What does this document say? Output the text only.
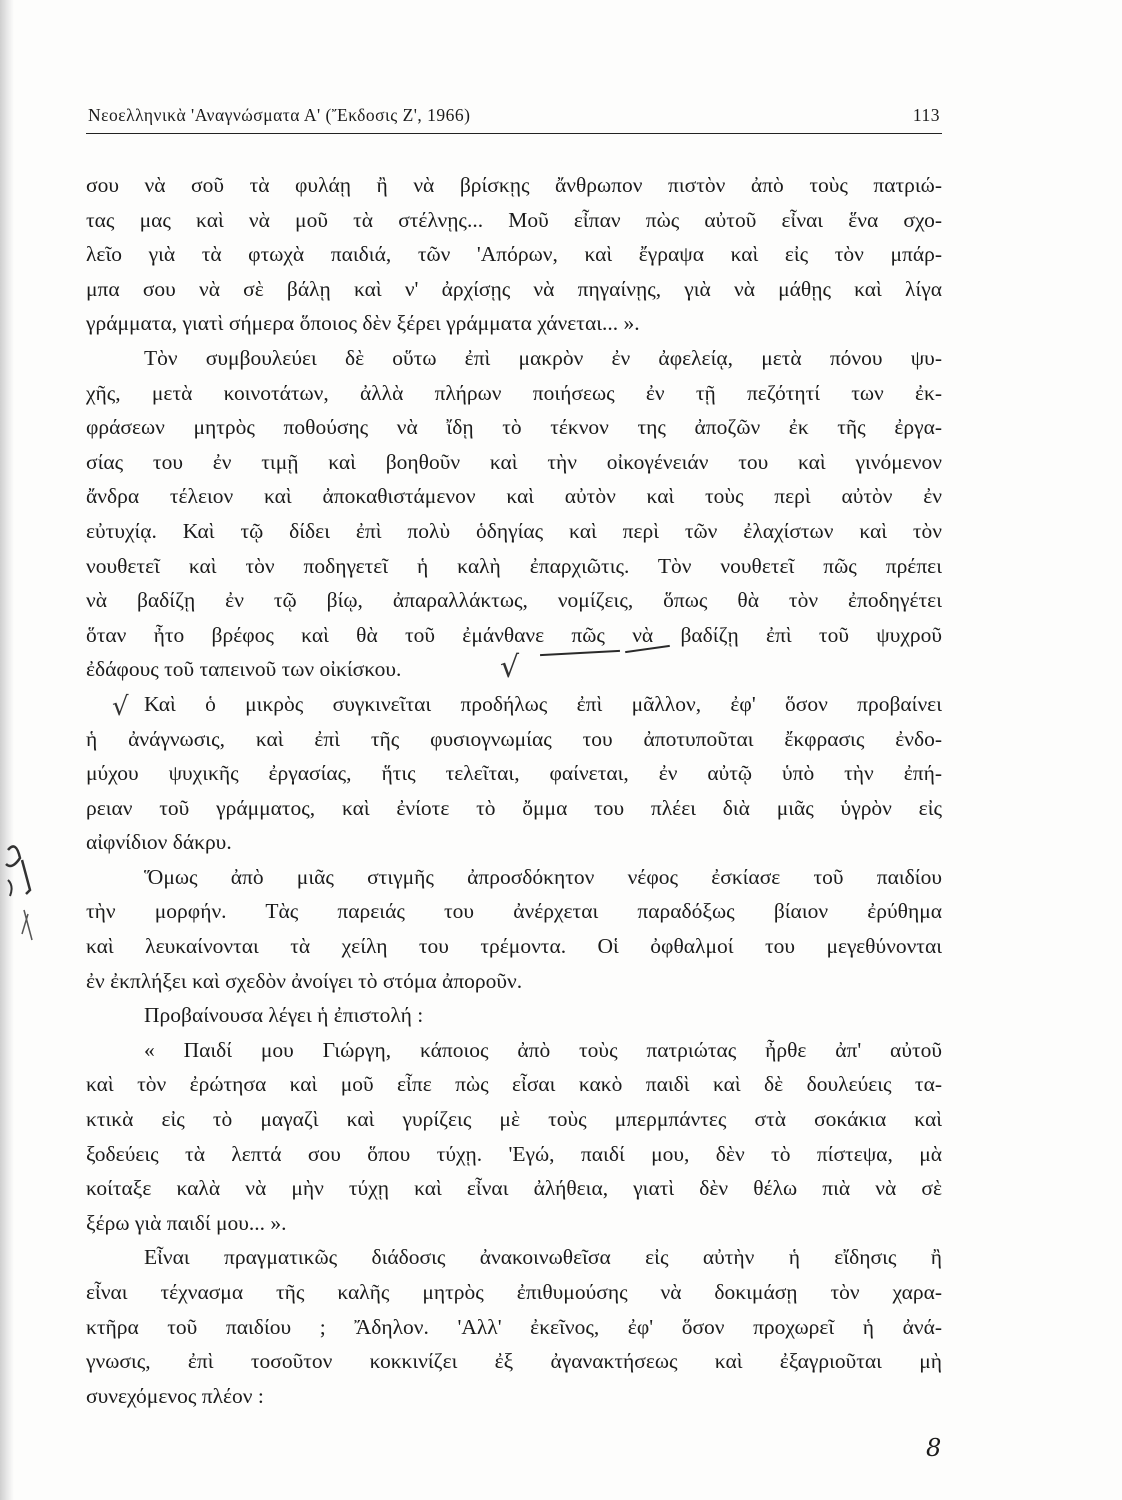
Νεοελληνικὰ 'Αναγνώσματα Α' (Ἔκδοσις Ζ', 1966)	113
σου νὰ σοῦ τὰ φυλάῃ ἢ νὰ βρίσκῃς ἄνθρωπον πιστὸν ἀπὸ τοὺς πατριώ-
τας μας καὶ νὰ μοῦ τὰ στέλνῃς... Μοῦ εἶπαν πὼς αὐτοῦ εἶναι ἕνα σχο-
λεῖο γιὰ τὰ φτωχὰ παιδιά, τῶν 'Απόρων, καὶ ἔγραψα καὶ εἰς τὸν μπάρ-
μπα σου νὰ σὲ βάλῃ καὶ ν' ἀρχίσῃς νὰ πηγαίνῃς, γιὰ νὰ μάθῃς καὶ λίγα
γράμματα, γιατὶ σήμερα ὅποιος δὲν ξέρει γράμματα χάνεται... ».
Τὸν συμβουλεύει δὲ οὕτω ἐπὶ μακρὸν ἐν ἀφελείᾳ, μετὰ πόνου ψυ-
χῆς, μετὰ κοινοτάτων, ἀλλὰ πλήρων ποιήσεως ἐν τῇ πεζότητί των ἐκ-
φράσεων μητρὸς ποθούσης νὰ ἴδῃ τὸ τέκνον της ἀποζῶν ἐκ τῆς ἐργα-
σίας του ἐν τιμῇ καὶ βοηθοῦν καὶ τὴν οἰκογένειάν του καὶ γινόμενον
ἄνδρα τέλειον καὶ ἀποκαθιστάμενον καὶ αὐτὸν καὶ τοὺς περὶ αὐτὸν ἐν
εὐτυχίᾳ. Καὶ τῷ δίδει ἐπὶ πολὺ ὁδηγίας καὶ περὶ τῶν ἐλαχίστων καὶ τὸν
νουθετεῖ καὶ τὸν ποδηγετεῖ ἡ καλὴ ἐπαρχιῶτις. Τὸν νουθετεῖ πῶς πρέπει
νὰ βαδίζῃ ἐν τῷ βίῳ, ἀπαραλλάκτως, νομίζεις, ὅπως θὰ τὸν ἐποδηγέτει
ὅταν ἦτο βρέφος καὶ θὰ τοῦ ἐμάνθανε πῶς νὰ βαδίζῃ ἐπὶ τοῦ ψυχροῦ
ἐδάφους τοῦ ταπεινοῦ των οἰκίσκου.
Καὶ ὁ μικρὸς συγκινεῖται προδήλως ἐπὶ μᾶλλον, ἐφ' ὅσον προβαίνει
ἡ ἀνάγνωσις, καὶ ἐπὶ τῆς φυσιογνωμίας του ἀποτυποῦται ἔκφρασις ἐνδο-
μύχου ψυχικῆς ἐργασίας, ἥτις τελεῖται, φαίνεται, ἐν αὐτῷ ὑπὸ τὴν ἐπή-
ρειαν τοῦ γράμματος, καὶ ἐνίοτε τὸ ὄμμα του πλέει διὰ μιᾶς ὑγρὸν εἰς
αἰφνίδιον δάκρυ.
Ὅμως ἀπὸ μιᾶς στιγμῆς ἀπροσδόκητον νέφος ἐσκίασε τοῦ παιδίου
τὴν μορφήν. Τὰς παρειάς του ἀνέρχεται παραδόξως βίαιον ἐρύθημα
καὶ λευκαίνονται τὰ χείλη του τρέμοντα. Οἱ ὀφθαλμοί του μεγεθύνονται
ἐν ἐκπλήξει καὶ σχεδὸν ἀνοίγει τὸ στόμα ἀποροῦν.
Προβαίνουσα λέγει ἡ ἐπιστολή :
« Παιδί μου Γιώργη, κάποιος ἀπὸ τοὺς πατριώτας ἦρθε ἀπ' αὐτοῦ
καὶ τὸν ἐρώτησα καὶ μοῦ εἶπε πὼς εἶσαι κακὸ παιδὶ καὶ δὲ δουλεύεις τα-
κτικὰ εἰς τὸ μαγαζὶ καὶ γυρίζεις μὲ τοὺς μπερμπάντες στὰ σοκάκια καὶ
ξοδεύεις τὰ λεπτά σου ὅπου τύχῃ. 'Εγώ, παιδί μου, δὲν τὸ πίστεψα, μὰ
κοίταξε καλὰ νὰ μὴν τύχῃ καὶ εἶναι ἀλήθεια, γιατὶ δὲν θέλω πιὰ νὰ σὲ
ξέρω γιὰ παιδί μου... ».
Εἶναι πραγματικῶς διάδοσις ἀνακοινωθεῖσα εἰς αὐτὴν ἡ εἴδησις ἢ
εἶναι τέχνασμα τῆς καλῆς μητρὸς ἐπιθυμούσης νὰ δοκιμάσῃ τὸν χαρα-
κτῆρα τοῦ παιδίου ; Ἄδηλον. 'Αλλ' ἐκεῖνος, ἐφ' ὅσον προχωρεῖ ἡ ἀνά-
γνωσις, ἐπὶ τοσοῦτον κοκκινίζει ἐξ ἀγανακτήσεως καὶ ἐξαγριοῦται μὴ
συνεχόμενος πλέον :
√
√
8
